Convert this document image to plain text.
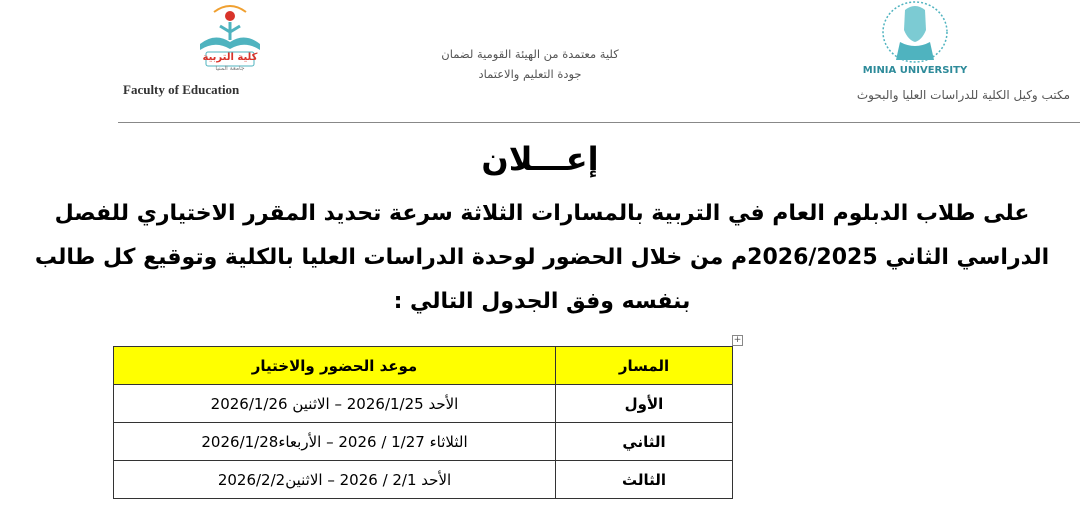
كلية التربية
جامعة المنيا
Faculty of Education
كلية معتمدة من الهيئة القومية لضمان
جودة التعليم والاعتماد	MINIA UNIVERSITY
مكتب وكيل الكلية للدراسات العليا والبحوث
إعـــلان
على طلاب الدبلوم العام في التربية بالمسارات الثلاثة سرعة تحديد المقرر الاختياري للفصل الدراسي الثاني 2026/2025م من خلال الحضور لوحدة الدراسات العليا بالكلية وتوقيع كل طالب بنفسه وفق الجدول التالي :
+
المسار	موعد الحضور والاختيار
الأول	الأحد 2026/1/25 – الاثنين 2026/1/26
الثاني	الثلاثاء 1/27 / 2026 – الأربعاء2026/1/28
الثالث	الأحد 2/1 / 2026 – الاثنين2026/2/2
